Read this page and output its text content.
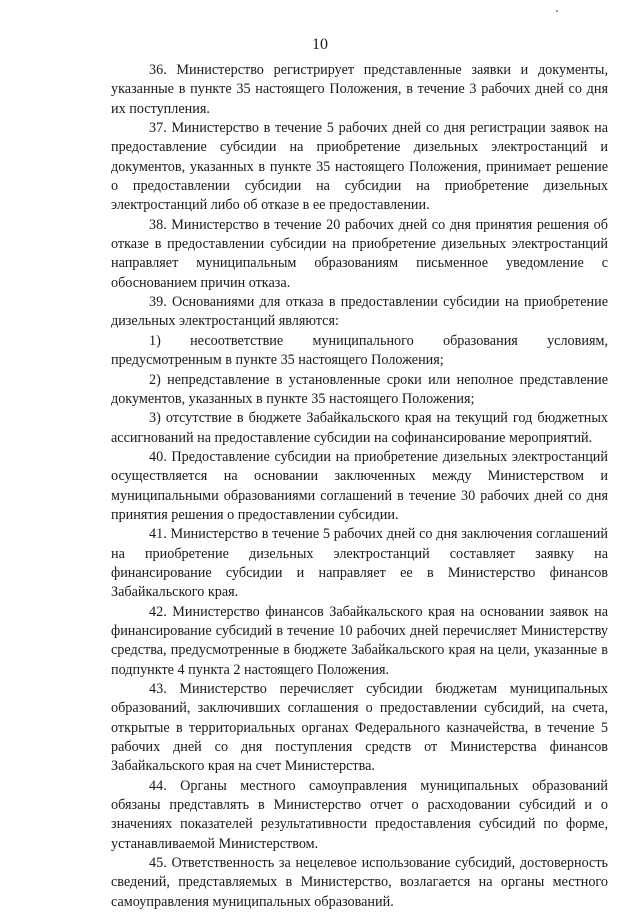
10

36. Министерство регистрирует представленные заявки и документы, указанные в пункте 35 настоящего Положения, в течение 3 рабочих дней со дня их поступления.

37. Министерство в течение 5 рабочих дней со дня регистрации заявок на предоставление субсидии на приобретение дизельных электростанций и документов, указанных в пункте 35 настоящего Положения, принимает решение о предоставлении субсидии на субсидии на приобретение дизельных электростанций либо об отказе в ее предоставлении.

38. Министерство в течение 20 рабочих дней со дня принятия решения об отказе в предоставлении субсидии на приобретение дизельных электростанций направляет муниципальным образованиям письменное уведомление с обоснованием причин отказа.

39. Основаниями для отказа в предоставлении субсидии на приобретение дизельных электростанций являются:

1) несоответствие муниципального образования условиям, предусмотренным в пункте 35 настоящего Положения;

2) непредставление в установленные сроки или неполное представление документов, указанных в пункте 35 настоящего Положения;

3) отсутствие в бюджете Забайкальского края на текущий год бюджетных ассигнований на предоставление субсидии на софинансирование мероприятий.

40. Предоставление субсидии на приобретение дизельных электростанций осуществляется на основании заключенных между Министерством и муниципальными образованиями соглашений в течение 30 рабочих дней со дня принятия решения о предоставлении субсидии.

41. Министерство в течение 5 рабочих дней со дня заключения соглашений на приобретение дизельных электростанций составляет заявку на финансирование субсидии и направляет ее в Министерство финансов Забайкальского края.

42. Министерство финансов Забайкальского края на основании заявок на финансирование субсидий в течение 10 рабочих дней перечисляет Министерству средства, предусмотренные в бюджете Забайкальского края на цели, указанные в подпункте 4 пункта 2 настоящего Положения.

43. Министерство перечисляет субсидии бюджетам муниципальных образований, заключивших соглашения о предоставлении субсидий, на счета, открытые в территориальных органах Федерального казначейства, в течение 5 рабочих дней со дня поступления средств от Министерства финансов Забайкальского края на счет Министерства.

44. Органы местного самоуправления муниципальных образований обязаны представлять в Министерство отчет о расходовании субсидий и о значениях показателей результативности предоставления субсидий по форме, устанавливаемой Министерством.

45. Ответственность за нецелевое использование субсидий, достоверность сведений, представляемых в Министерство, возлагается на органы местного самоуправления муниципальных образований.
